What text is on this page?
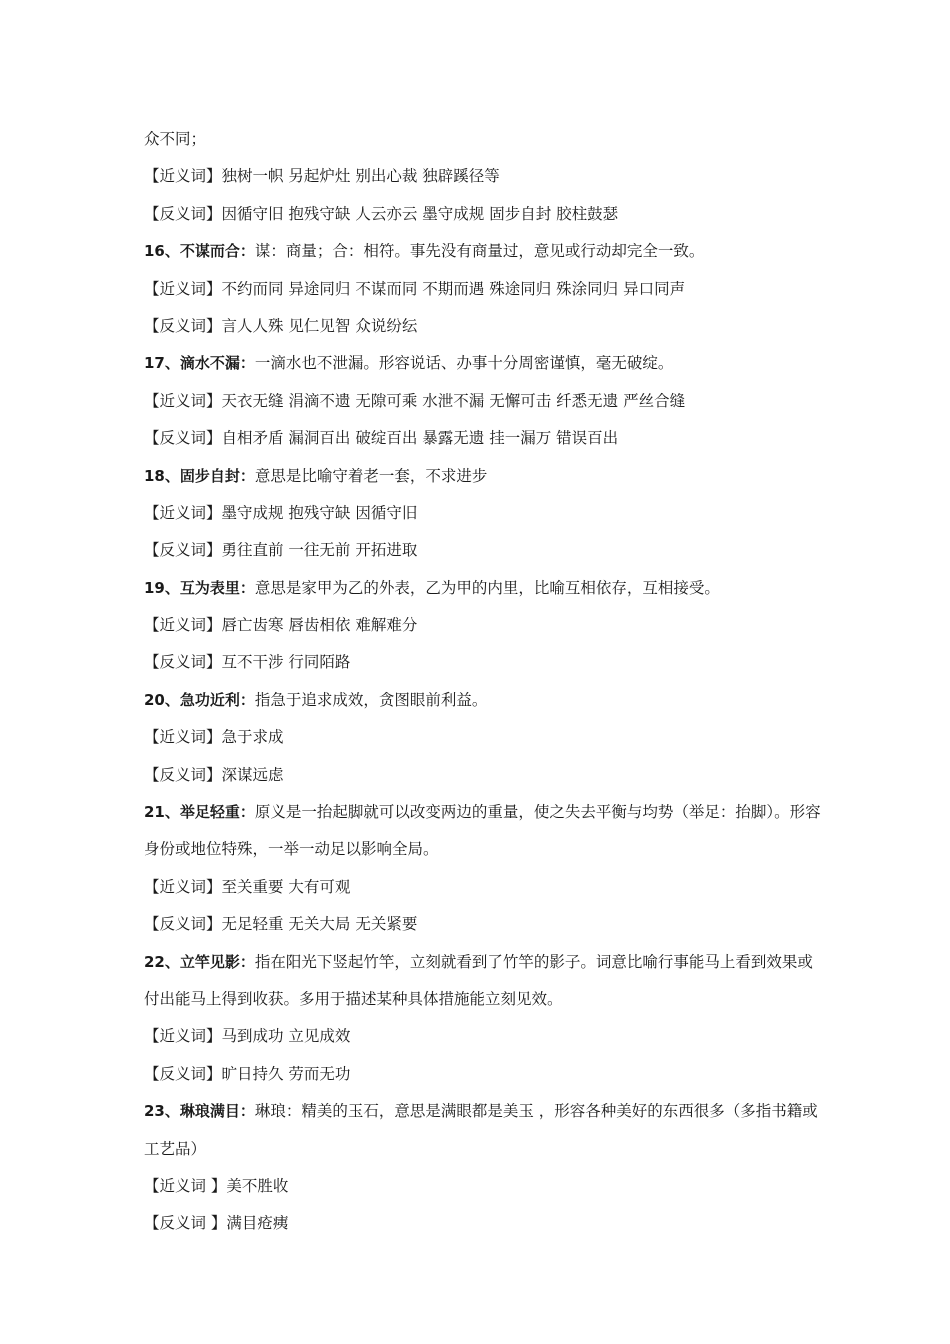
众不同；
【近义词】独树一帜 另起炉灶 别出心裁 独辟蹊径等
【反义词】因循守旧 抱残守缺 人云亦云 墨守成规 固步自封 胶柱鼓瑟
16、不谋而合：谋：商量；合：相符。事先没有商量过，意见或行动却完全一致。
【近义词】不约而同 异途同归 不谋而同 不期而遇 殊途同归 殊涂同归 异口同声
【反义词】言人人殊 见仁见智 众说纷纭
17、滴水不漏：一滴水也不泄漏。形容说话、办事十分周密谨慎，毫无破绽。
【近义词】天衣无缝 涓滴不遗 无隙可乘 水泄不漏 无懈可击 纤悉无遗 严丝合缝
【反义词】自相矛盾 漏洞百出 破绽百出 暴露无遗 挂一漏万 错误百出
18、固步自封：意思是比喻守着老一套，不求进步
【近义词】墨守成规 抱残守缺 因循守旧
【反义词】勇往直前 一往无前 开拓进取
19、互为表里：意思是家甲为乙的外表，乙为甲的内里，比喻互相依存，互相接受。
【近义词】唇亡齿寒 唇齿相依 难解难分
【反义词】互不干涉 行同陌路
20、急功近利：指急于追求成效，贪图眼前利益。
【近义词】急于求成
【反义词】深谋远虑
21、举足轻重：原义是一抬起脚就可以改变两边的重量，使之失去平衡与均势（举足：抬脚）。形容身份或地位特殊，一举一动足以影响全局。
【近义词】至关重要 大有可观
【反义词】无足轻重 无关大局 无关紧要
22、立竿见影：指在阳光下竖起竹竿，立刻就看到了竹竿的影子。词意比喻行事能马上看到效果或付出能马上得到收获。多用于描述某种具体措施能立刻见效。
【近义词】马到成功 立见成效
【反义词】旷日持久 劳而无功
23、琳琅满目：琳琅：精美的玉石，意思是满眼都是美玉 ，形容各种美好的东西很多（多指书籍或工艺品）
【近义词 】美不胜收
【反义词 】满目疮痍
